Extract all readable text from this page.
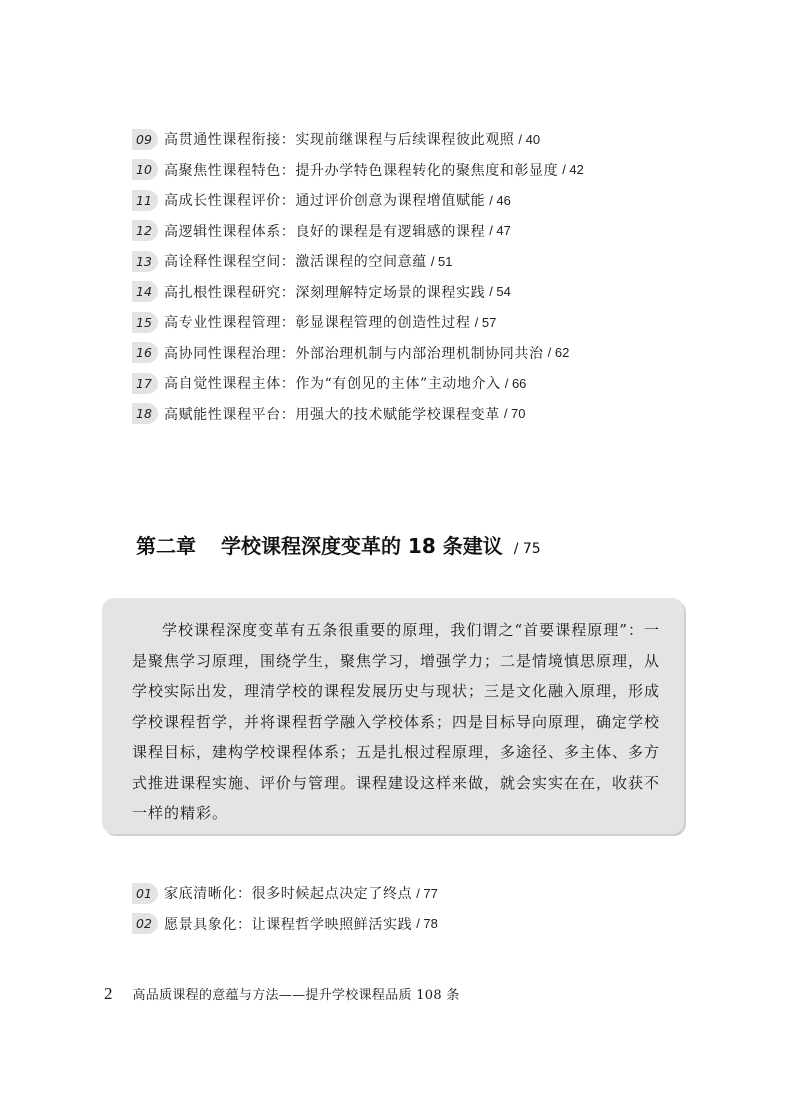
09 高贯通性课程衔接：实现前继课程与后续课程彼此观照 / 40
10 高聚焦性课程特色：提升办学特色课程转化的聚焦度和彰显度 / 42
11 高成长性课程评价：通过评价创意为课程增值赋能 / 46
12 高逻辑性课程体系：良好的课程是有逻辑感的课程 / 47
13 高诠释性课程空间：激活课程的空间意蕴 / 51
14 高扎根性课程研究：深刻理解特定场景的课程实践 / 54
15 高专业性课程管理：彰显课程管理的创造性过程 / 57
16 高协同性课程治理：外部治理机制与内部治理机制协同共治 / 62
17 高自觉性课程主体：作为“有创见的主体”主动地介入 / 66
18 高赋能性课程平台：用强大的技术赋能学校课程变革 / 70
第二章 学校课程深度变革的 18 条建议 / 75

学校课程深度变革有五条很重要的原理，我们谓之“首要课程原理”：一是聚焦学习原理，围绕学生，聚焦学习，增强学力；二是情境慎思原理，从学校实际出发，理清学校的课程发展历史与现状；三是文化融入原理，形成学校课程哲学，并将课程哲学融入学校体系；四是目标导向原理，确定学校课程目标，建构学校课程体系；五是扎根过程原理，多途径、多主体、多方式推进课程实施、评价与管理。课程建设这样来做，就会实实在在，收获不一样的精彩。

01 家底清晰化：很多时候起点决定了终点 / 77
02 愿景具象化：让课程哲学映照鲜活实践 / 78
2 高品质课程的意蕴与方法——提升学校课程品质 108 条
